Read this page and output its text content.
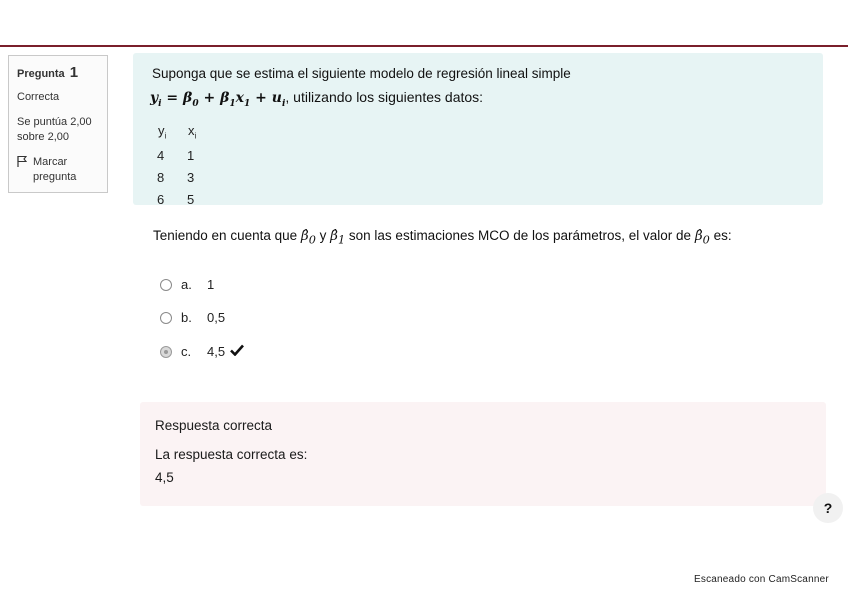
Pregunta 1
Correcta
Se puntúa 2,00
sobre 2,00
Marcar
pregunta
Suponga que se estima el siguiente modelo de regresión lineal simple
$y_i = \beta_0 + \beta_1x_1 + u_i$, utilizando los siguientes datos:
$y_i$	$x_i$
4	1
8	3
6	5
Teniendo en cuenta que $\betâ_0$ y $\betâ_1$ son las estimaciones MCO de los parámetros, el valor de $\betâ_0$ es:
a.	1
b.	0,5
c.	4,5
Respuesta correcta
La respuesta correcta es:
4,5
?
Escaneado con CamScanner
